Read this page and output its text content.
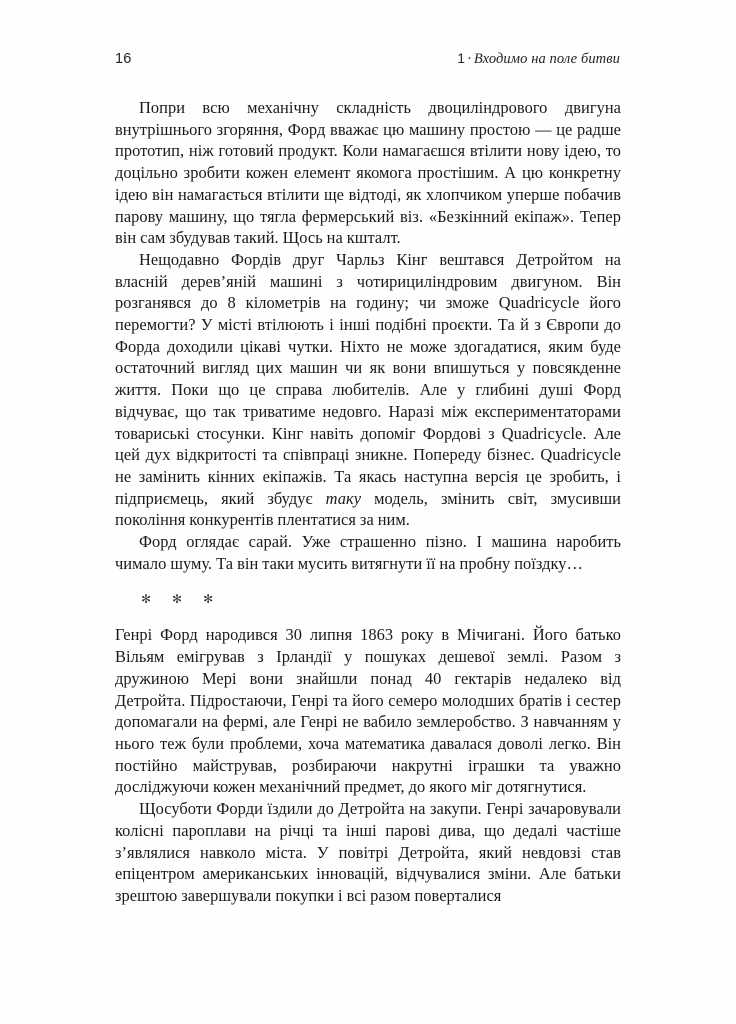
16	1 · Входимо на поле битви

Попри всю механічну складність двоциліндрового двигуна внутрішнього згоряння, Форд вважає цю машину простою — це радше прототип, ніж готовий продукт. Коли намагаєшся втілити нову ідею, то доцільно зробити кожен елемент якомога простішим. А цю конкретну ідею він намагається втілити ще відтоді, як хлопчиком уперше побачив парову машину, що тягла фермерський віз. «Безкінний екіпаж». Тепер він сам збудував такий. Щось на кшталт.

Нещодавно Фордів друг Чарльз Кінг вештався Детройтом на власній дерев’яній машині з чотирициліндровим двигуном. Він розганявся до 8 кілометрів на годину; чи зможе Quadricycle його перемогти? У місті втілюють і інші подібні проєкти. Та й з Європи до Форда доходили цікаві чутки. Ніхто не може здогадатися, яким буде остаточний вигляд цих машин чи як вони впишуться у повсякденне життя. Поки що це справа любителів. Але у глибині душі Форд відчуває, що так триватиме недовго. Наразі між експериментаторами товариські стосунки. Кінг навіть допоміг Фордові з Quadricycle. Але цей дух відкритості та співпраці зникне. Попереду бізнес. Quadricycle не замінить кінних екіпажів. Та якась наступна версія це зробить, і підприємець, який збудує таку модель, змінить світ, змусивши покоління конкурентів плентатися за ним.

Форд оглядає сарай. Уже страшенно пізно. І машина наробить чимало шуму. Та він таки мусить витягнути її на пробну поїздку…

✻ ✻ ✻

Генрі Форд народився 30 липня 1863 року в Мічигані. Його батько Вільям емігрував з Ірландії у пошуках дешевої землі. Разом з дружиною Мері вони знайшли понад 40 гектарів недалеко від Детройта. Підростаючи, Генрі та його семеро молодших братів і сестер допомагали на фермі, але Генрі не вабило землеробство. З навчанням у нього теж були проблеми, хоча математика давалася доволі легко. Він постійно майстрував, розбираючи накрутні іграшки та уважно досліджуючи кожен механічний предмет, до якого міг дотягнутися.

Щосуботи Форди їздили до Детройта на закупи. Генрі зачаровували колісні пароплави на річці та інші парові дива, що дедалі частіше з’являлися навколо міста. У повітрі Детройта, який невдовзі став епіцентром американських інновацій, відчувалися зміни. Але батьки зрештою завершували покупки і всі разом поверталися
